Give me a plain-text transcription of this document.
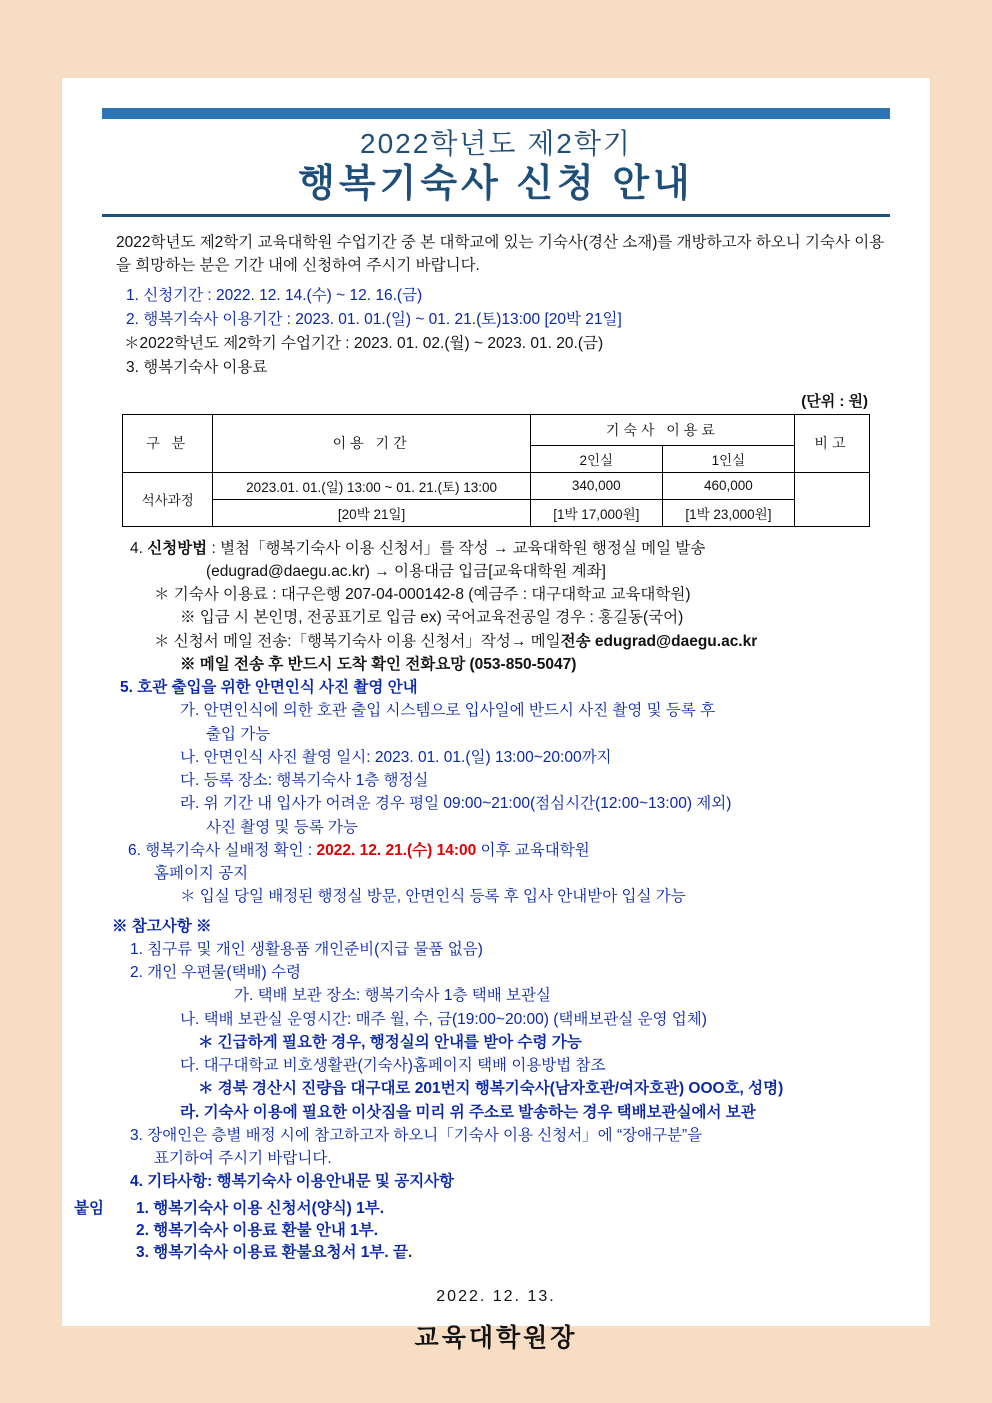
2022학년도 제2학기
행복기숙사 신청 안내
2022학년도 제2학기 교육대학원 수업기간 중 본 대학교에 있는 기숙사(경산 소재)를 개방하고자 하오니 기숙사 이용을 희망하는 분은 기간 내에 신청하여 주시기 바랍니다.
1. 신청기간 : 2022. 12. 14.(수) ~ 12. 16.(금)
2. 행복기숙사 이용기간 : 2023. 01. 01.(일) ~ 01. 21.(토)13:00 [20박 21일]
＊2022학년도 제2학기 수업기간 : 2023. 01. 02.(월) ~ 2023. 01. 20.(금)
3. 행복기숙사 이용료
(단위 : 원)
구 분	이용 기간	기숙사 이용료		비고
		2인실	1인실	
석사과정	2023.01. 01.(일) 13:00 ~ 01. 21.(토) 13:00	340,000	460,000	
	[20박 21일]	[1박 17,000원]	[1박 23,000원]	
4. 신청방법 : 별첨「행복기숙사 이용 신청서」를 작성 → 교육대학원 행정실 메일 발송
(edugrad@daegu.ac.kr) → 이용대금 입금[교육대학원 계좌]
＊ 기숙사 이용료 : 대구은행 207-04-000142-8 (예금주 : 대구대학교 교육대학원)
※ 입금 시 본인명, 전공표기로 입금 ex) 국어교육전공일 경우 : 홍길동(국어)
＊ 신청서 메일 전송:「행복기숙사 이용 신청서」작성→ 메일전송 edugrad@daegu.ac.kr
※ 메일 전송 후 반드시 도착 확인 전화요망 (053-850-5047)
5. 호관 출입을 위한 안면인식 사진 촬영 안내
가. 안면인식에 의한 호관 출입 시스템으로 입사일에 반드시 사진 촬영 및 등록 후
출입 가능
나. 안면인식 사진 촬영 일시: 2023. 01. 01.(일) 13:00~20:00까지
다. 등록 장소: 행복기숙사 1층 행정실
라. 위 기간 내 입사가 어려운 경우 평일 09:00~21:00(점심시간(12:00~13:00) 제외)
사진 촬영 및 등록 가능
6. 행복기숙사 실배정 확인 : 2022. 12. 21.(수) 14:00 이후 교육대학원
홈페이지 공지
＊ 입실 당일 배정된 행정실 방문, 안면인식 등록 후 입사 안내받아 입실 가능
※ 참고사항 ※
1. 침구류 및 개인 생활용품 개인준비(지급 물품 없음)
2. 개인 우편물(택배) 수령
가. 택배 보관 장소: 행복기숙사 1층 택배 보관실
나. 택배 보관실 운영시간: 매주 월, 수, 금(19:00~20:00) (택배보관실 운영 업체)
＊ 긴급하게 필요한 경우, 행정실의 안내를 받아 수령 가능
다. 대구대학교 비호생활관(기숙사)홈페이지 택배 이용방법 참조
＊ 경북 경산시 진량읍 대구대로 201번지 행복기숙사(남자호관/여자호관) OOO호, 성명)
라. 기숙사 이용에 필요한 이삿짐을 미리 위 주소로 발송하는 경우 택배보관실에서 보관
3. 장애인은 층별 배정 시에 참고하고자 하오니「기숙사 이용 신청서」에 “장애구분”을
표기하여 주시기 바랍니다.
4. 기타사항: 행복기숙사 이용안내문 및 공지사항
붙임 1. 행복기숙사 이용 신청서(양식) 1부.
2. 행복기숙사 이용료 환불 안내 1부.
3. 행복기숙사 이용료 환불요청서 1부. 끝.
2022. 12. 13.
교육대학원장
